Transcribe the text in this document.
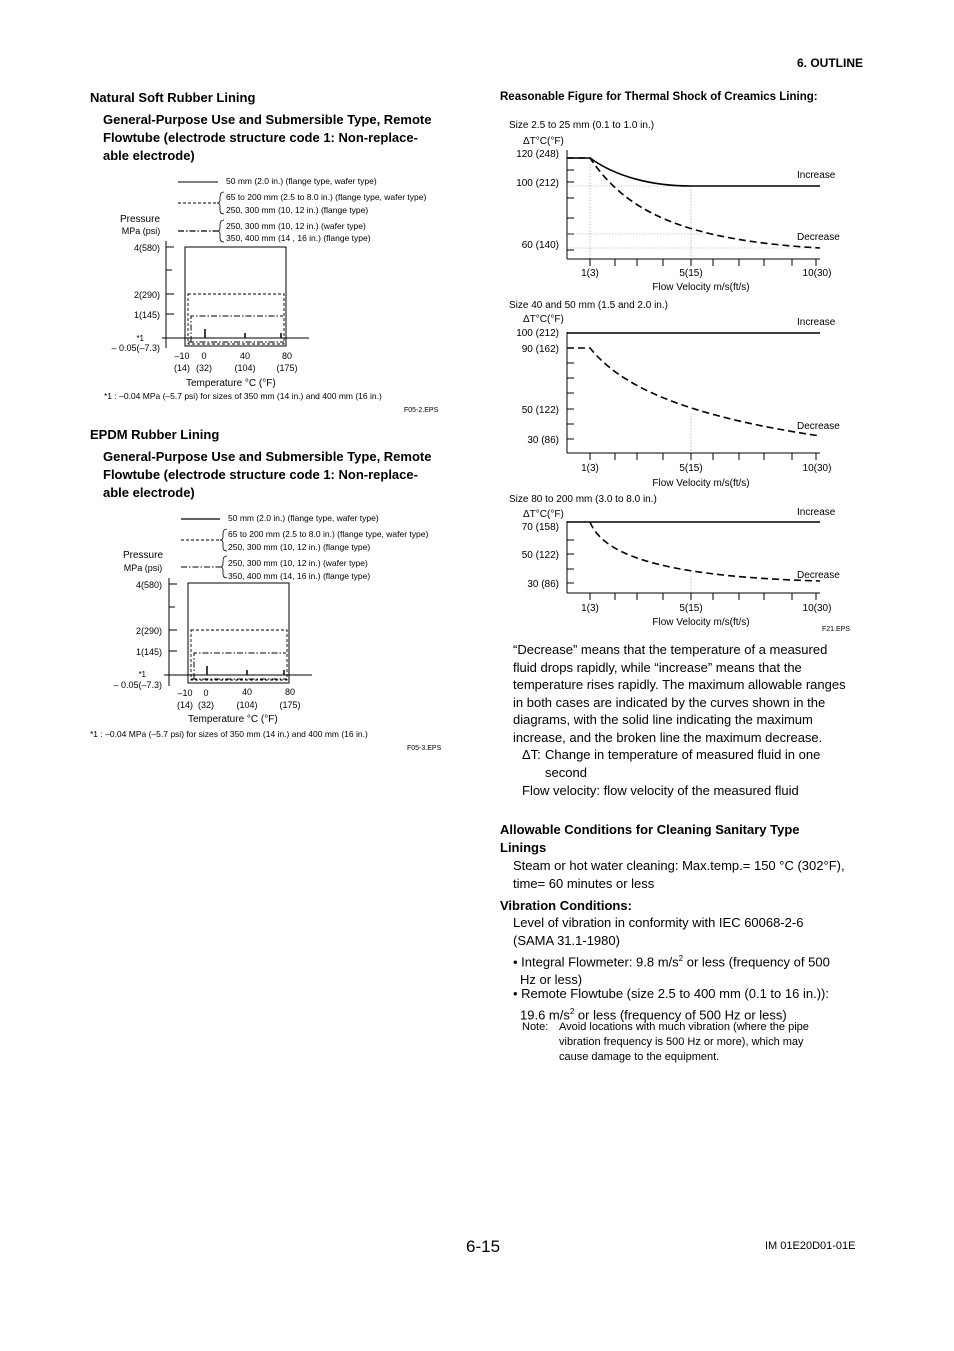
6. OUTLINE
Natural Soft Rubber Lining
General-Purpose Use and Submersible Type, Remote
Flowtube (electrode structure code 1: Non-replace-
able electrode)
50 mm (2.0 in.) (flange type, wafer type)
65 to 200 mm (2.5 to 8.0 in.) (flange type, wafer type)
250, 300 mm (10, 12 in.) (flange type)
250, 300 mm (10, 12 in.) (wafer type)
350, 400 mm (14 , 16 in.) (flange type)
Pressure
MPa (psi)
4(580)
2(290)
1(145)
*1
– 0.05(–7.3)
–10 0	40	80
(14) (32) (104) (175)
Temperature °C (°F)
*1 : –0.04 MPa (–5.7 psi) for sizes of 350 mm (14 in.) and 400 mm (16 in.)
F05-2.EPS
EPDM Rubber Lining
General-Purpose Use and Submersible Type, Remote
Flowtube (electrode structure code 1: Non-replace-
able electrode)
50 mm (2.0 in.) (flange type, wafer type)
65 to 200 mm (2.5 to 8.0 in.) (flange type, wafer type)
250, 300 mm (10, 12 in.) (flange type)
250, 300 mm (10, 12 in.) (wafer type)
350, 400 mm (14, 16 in.) (flange type)
Pressure
MPa (psi)
4(580)
2(290)
1(145)
*1
– 0.05(–7.3)
–10 0	40	80
(14) (32) (104) (175)
Temperature °C (°F)
*1 : –0.04 MPa (–5.7 psi) for sizes of 350 mm (14 in.) and 400 mm (16 in.)
F05-3.EPS
Reasonable Figure for Thermal Shock of Creamics Lining:
Size 2.5 to 25 mm (0.1 to 1.0 in.)
ΔT°C(°F)
120 (248)
100 (212)
60 (140)
Increase
Decrease
1(3)	5(15)	10(30)
Flow Velocity m/s(ft/s)
Size 40 and 50 mm (1.5 and 2.0 in.)
ΔT°C(°F)
100 (212)
90 (162)
50 (122)
30 (86)
Increase
Decrease
1(3)	5(15)	10(30)
Flow Velocity m/s(ft/s)
Size 80 to 200 mm (3.0 to 8.0 in.)
ΔT°C(°F)
70 (158)
50 (122)
30 (86)
Increase
Decrease
1(3)	5(15)	10(30)
Flow Velocity m/s(ft/s)
F21.EPS
“Decrease” means that the temperature of a measured
fluid drops rapidly, while “increase” means that the
temperature rises rapidly. The maximum allowable ranges
in both cases are indicated by the curves shown in the
diagrams, with the solid line indicating the maximum
increase, and the broken line the maximum decrease.
ΔT: Change in temperature of measured fluid in one
second
Flow velocity: flow velocity of the measured fluid
Allowable Conditions for Cleaning Sanitary Type
Linings
Steam or hot water cleaning: Max.temp.= 150 °C (302°F),
time= 60 minutes or less
Vibration Conditions:
Level of vibration in conformity with IEC 60068-2-6
(SAMA 31.1-1980)
• Integral Flowmeter: 9.8 $m/s^2$ or less (frequency of 500
Hz or less)
• Remote Flowtube (size 2.5 to 400 mm (0.1 to 16 in.)):
19.6 $m/s^2$ or less (frequency of 500 Hz or less)
Note: Avoid locations with much vibration (where the pipe
vibration frequency is 500 Hz or more), which may
cause damage to the equipment.
6-15	IM 01E20D01-01E
